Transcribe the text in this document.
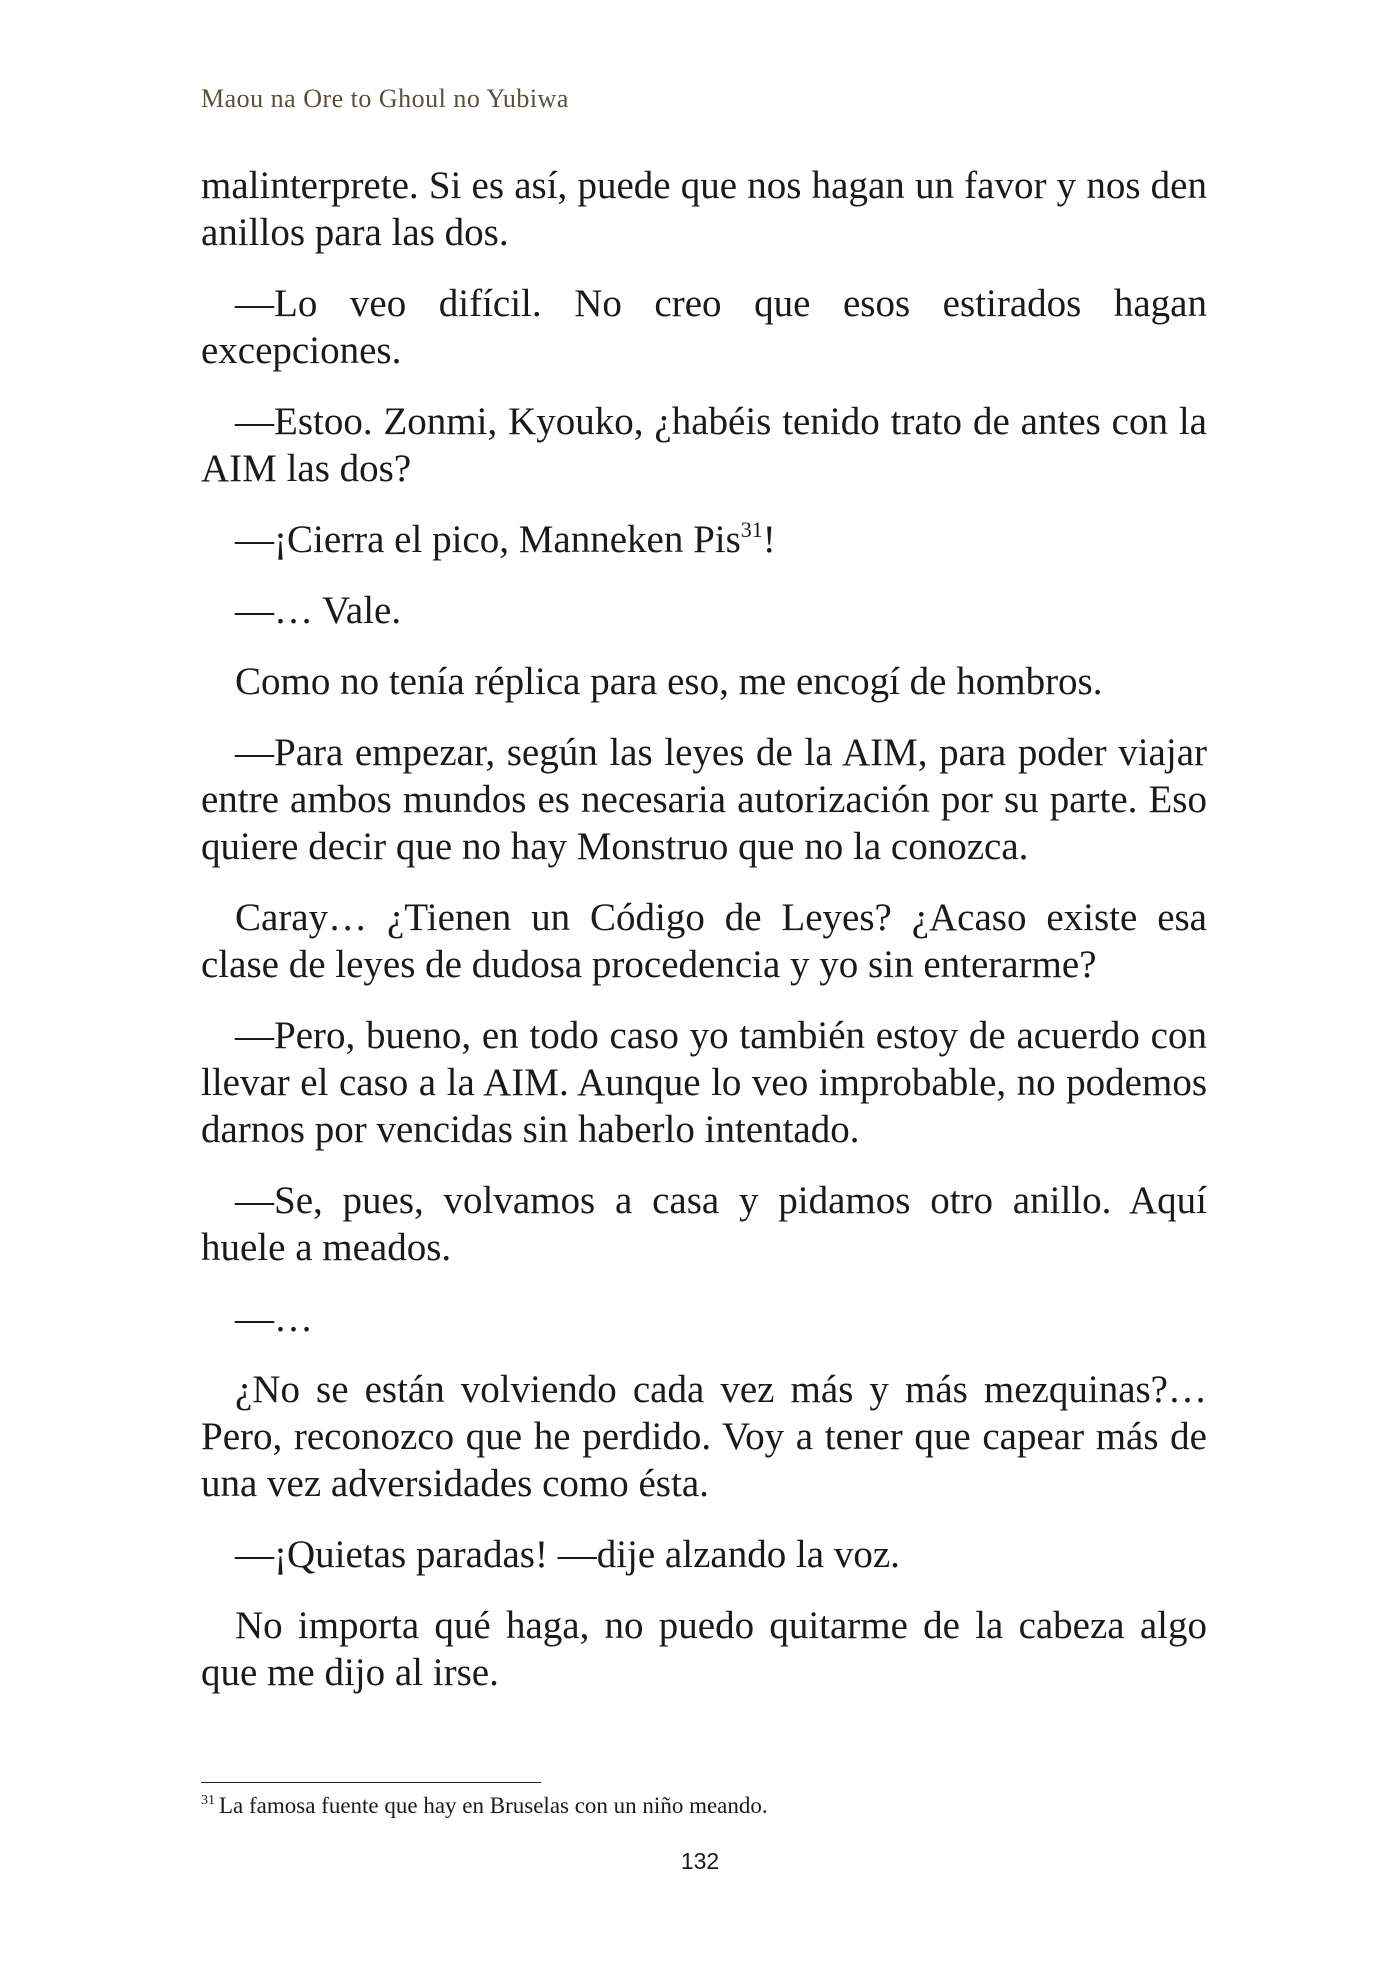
Maou na Ore to Ghoul no Yubiwa

malinterprete. Si es así, puede que nos hagan un favor y nos den anillos para las dos.

—Lo veo difícil. No creo que esos estirados hagan excepciones.

—Estoo. Zonmi, Kyouko, ¿habéis tenido trato de antes con la AIM las dos?

—¡Cierra el pico, Manneken Pis$^{31}$!

—… Vale.

Como no tenía réplica para eso, me encogí de hombros.

—Para empezar, según las leyes de la AIM, para poder viajar entre ambos mundos es necesaria autorización por su parte. Eso quiere decir que no hay Monstruo que no la conozca.

Caray… ¿Tienen un Código de Leyes? ¿Acaso existe esa clase de leyes de dudosa procedencia y yo sin enterarme?

—Pero, bueno, en todo caso yo también estoy de acuerdo con llevar el caso a la AIM. Aunque lo veo improbable, no podemos darnos por vencidas sin haberlo intentado.

—Se, pues, volvamos a casa y pidamos otro anillo. Aquí huele a meados.

—…

¿No se están volviendo cada vez más y más mezquinas?… Pero, reconozco que he perdido. Voy a tener que capear más de una vez adversidades como ésta.

—¡Quietas paradas! —dije alzando la voz.

No importa qué haga, no puedo quitarme de la cabeza algo que me dijo al irse.

$^{31}$ La famosa fuente que hay en Bruselas con un niño meando.
132
